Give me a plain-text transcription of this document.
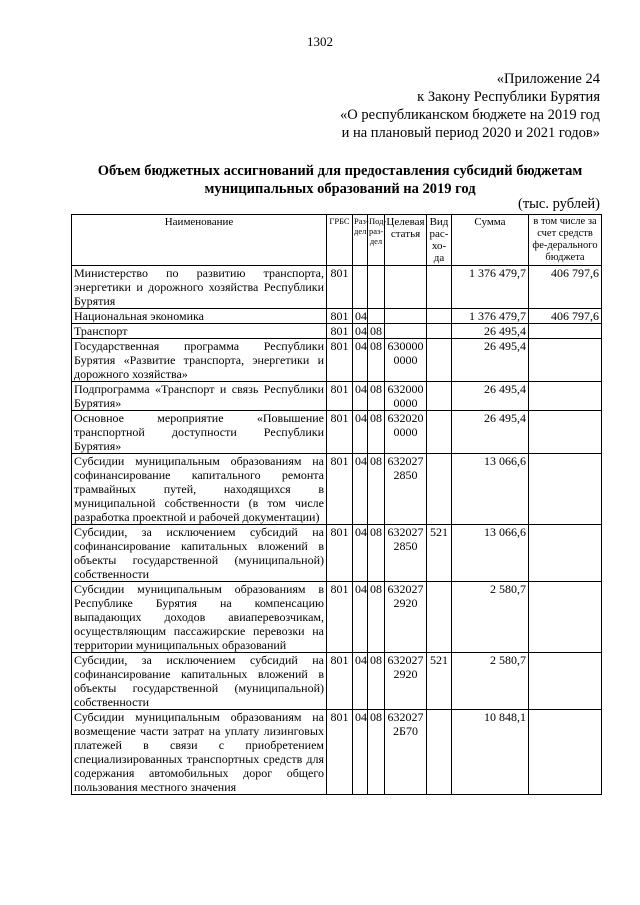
1302
«Приложение 24
к Закону Республики Бурятия
«О республиканском бюджете на 2019 год
и на плановый период 2020 и 2021 годов»
Объем бюджетных ассигнований для предоставления субсидий бюджетам
муниципальных образований на 2019 год
(тыс. рублей)
Наименование	ГРБС	Раз-дел	Под-раз-дел	Целевая статья	Вид рас-хо-да	Сумма	в том числе за счет средств фе-дерального бюджета
Министерство по развитию транспорта, энергетики и дорожного хозяйства Республики Бурятия	801					1 376 479,7	406 797,6
Национальная экономика	801	04				1 376 479,7	406 797,6
Транспорт	801	04	08			26 495,4	
Государственная программа Республики Бурятия «Развитие транспорта, энергетики и дорожного хозяйства»	801	04	08	630000 0000		26 495,4	
Подпрограмма «Транспорт и связь Республики Бурятия»	801	04	08	632000 0000		26 495,4	
Основное мероприятие «Повышение транспортной доступности Республики Бурятия»	801	04	08	632020 0000		26 495,4	
Субсидии муниципальным образованиям на софинансирование капитального ремонта трамвайных путей, находящихся в муниципальной собственности (в том числе разработка проектной и рабочей документации)	801	04	08	632027 2850		13 066,6	
Субсидии, за исключением субсидий на софинансирование капитальных вложений в объекты государственной (муниципальной) собственности	801	04	08	632027 2850	521	13 066,6	
Субсидии муниципальным образованиям в Республике Бурятия на компенсацию выпадающих доходов авиаперевозчикам, осуществляющим пассажирские перевозки на территории муниципальных образований	801	04	08	632027 2920		2 580,7	
Субсидии, за исключением субсидий на софинансирование капитальных вложений в объекты государственной (муниципальной) собственности	801	04	08	632027 2920	521	2 580,7	
Субсидии муниципальным образованиям на возмещение части затрат на уплату лизинговых платежей в связи с приобретением специализированных транспортных средств для содержания автомобильных дорог общего пользования местного значения	801	04	08	632027 2Б70		10 848,1	
